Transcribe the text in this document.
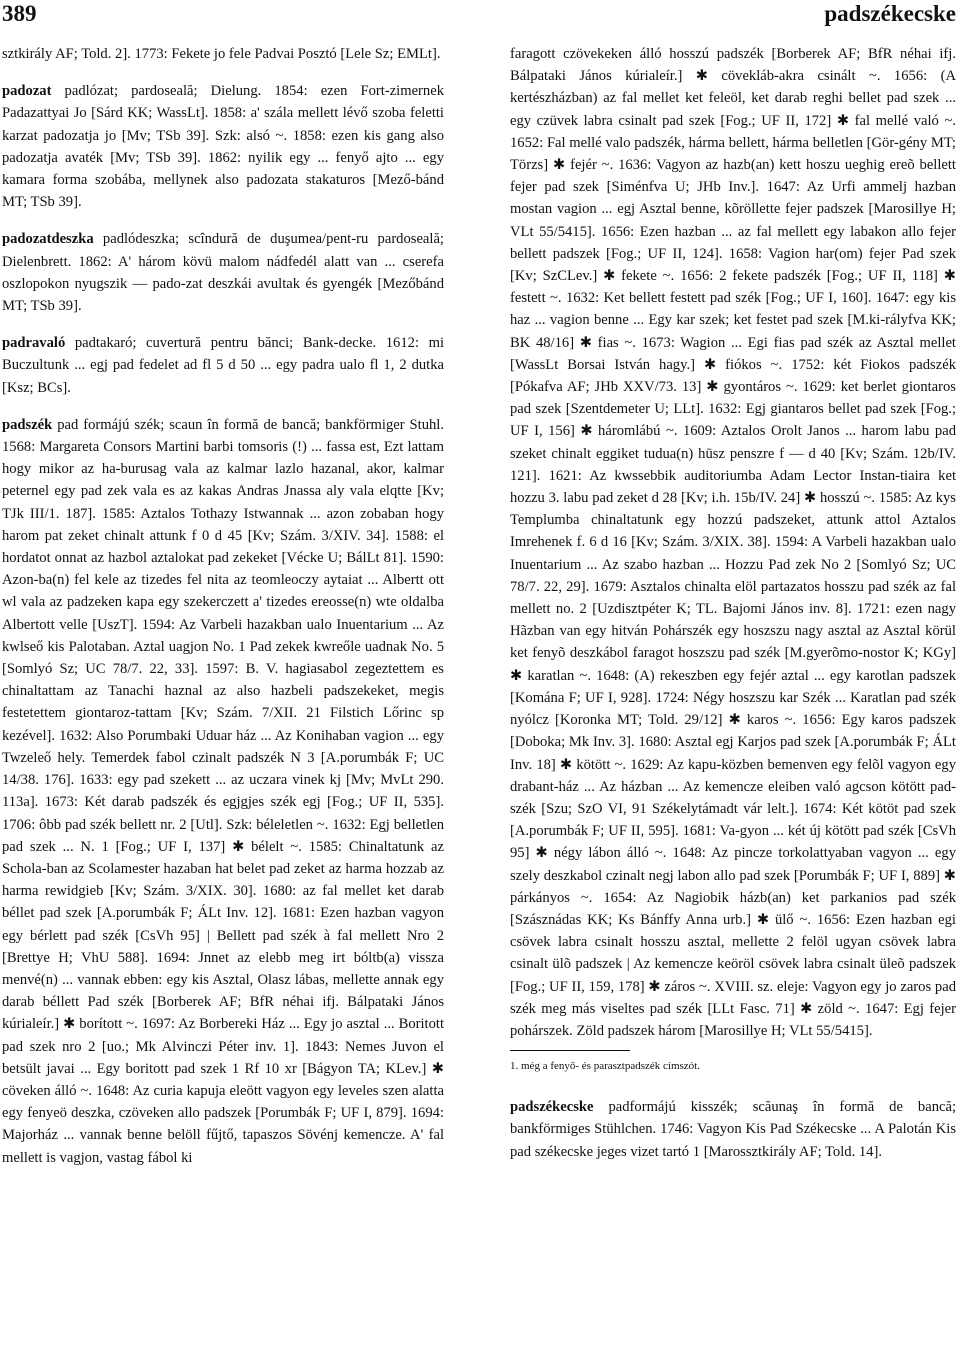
389	padszékecske

sztkirály AF; Told. 2]. 1773: Fekete jo fele Padvai Posztó [Lele Sz; EMLt].

padozat padlózat; pardoseală; Dielung. 1854: ezen Fort-zimernek Padazattyai Jo [Sárd KK; WassLt]. 1858: a' szála mellett lévő szoba feletti karzat padozatja jo [Mv; TSb 39]. Szk: alsó ~. 1858: ezen kis gang also padozatja avaték [Mv; TSb 39]. 1862: nyilik egy ... fenyő ajto ... egy kamara forma szobába, mellynek also padozata stakaturos [Mező-bánd MT; TSb 39].

padozatdeszka padlódeszka; scîndură de duşumea/pent-ru pardoseală; Dielenbrett. 1862: A' három kövü malom nádfedél alatt van ... cserefa oszlopokon nyugszik — pado-zat deszkái avultak és gyengék [Mezőbánd MT; TSb 39].

padravaló padtakaró; cuvertură pentru bănci; Bank-decke. 1612: mi Buczultunk ... egj pad fedelet ad fl 5 d 50 ... egy padra ualo fl 1, 2 dutka [Ksz; BCs].

padszék pad formájú szék; scaun în formă de bancă; bankförmiger Stuhl. 1568: Margareta Consors Martini barbi tomsoris (!) ... fassa est, Ezt lattam hogy mikor az ha-burusag vala az kalmar lazlo hazanal, akor, kalmar peternel egy pad zek vala es az kakas Andras Jnassa aly vala elqtte [Kv; TJk III/1. 187]. 1585: Aztalos Tothazy Istwannak ... azon zobaban hogy harom pat zeket chinalt attunk f 0 d 45 [Kv; Szám. 3/XIV. 34]. 1588: el hordatot onnat az hazbol aztalokat pad zekeket [Vécke U; BálLt 81]. 1590: Azon-ba(n) fel kele az tizedes fel nita az teomleoczy aytaiat ... Albertt ott wl vala az padzeken kapa egy szekerczett a' tizedes ereosse(n) wte oldalba Albertott velle [UszT]. 1594: Az Varbeli hazakban ualo Inuentarium ... Az kwlseő kis Palotaban. Aztal uagjon No. 1 Pad zekek kwreőle uadnak No. 5 [Somlyó Sz; UC 78/7. 22, 33]. 1597: B. V. hagiasabol zegeztettem es chinaltattam az Tanachi haznal az also hazbeli padszekeket, megis festetettem giontaroz-tattam [Kv; Szám. 7/XII. 21 Filstich Lőrinc sp kezével]. 1632: Also Porumbaki Uduar ház ... Az Konihaban vagion ... egy Twzeleő hely. Temerdek fabol czinalt padszék N 3 [A.porumbák F; UC 14/38. 176]. 1633: egy pad szekett ... az uczara vinek kj [Mv; MvLt 290. 113a]. 1673: Két darab padszék és egjgjes szék egj [Fog.; UF II, 535]. 1706: ôbb pad szék bellett nr. 2 [Utl]. Szk: béleletlen ~. 1632: Egj belletlen pad szek ... N. 1 [Fog.; UF I, 137] ✱ bélelt ~. 1585: Chinaltatunk az Schola-ban az Scolamester hazaban hat belet pad zeket az harma hozzab az harma rewidgieb [Kv; Szám. 3/XIX. 30]. 1680: az fal mellet ket darab béllet pad szek [A.porumbák F; ÁLt Inv. 12]. 1681: Ezen hazban vagyon egy bérlett pad szék [CsVh 95] | Bellett pad szék à fal mellett Nro 2 [Brettye H; VhU 588]. 1694: Jnnet az elebb meg irt bóltb(a) vissza menvé(n) ... vannak ebben: egy kis Asztal, Olasz lábas, mellette annak egy darab béllett Pad szék [Borberek AF; BfR néhai ifj. Bálpataki János kúrialeír.] ✱ borított ~. 1697: Az Borbereki Ház ... Egy jo asztal ... Boritott pad szek nro 2 [uo.; Mk Alvinczi Péter inv. 1]. 1843: Nemes Juvon el betsült javai ... Egy boritott pad szek 1 Rf 10 xr [Bágyon TA; KLev.] ✱ cöveken álló ~. 1648: Az curia kapuja eleött vagyon egy leveles szen alatta egy fenyeö deszka, czöveken allo padszek [Porumbák F; UF I, 879]. 1694: Majorház ... vannak benne belöll fűjtő, tapaszos Sövénj kemencze. A' fal mellett is vagjon, vastag fábol ki

faragott czövekeken álló hosszú padszék [Borberek AF; BfR néhai ifj. Bálpataki János kúrialeír.] ✱ cövekláb-akra csinált ~. 1656: (A kertészházban) az fal mellet ket feleöl, ket darab reghi bellet pad szek ... egy czüvek labra csinalt pad szek [Fog.; UF II, 172] ✱ fal mellé való ~. 1652: Fal mellé valo padszék, hárma bellett, hárma belletlen [Gör-gény MT; Törzs] ✱ fejér ~. 1636: Vagyon az hazb(an) kett hoszu ueghig ereõ bellett fejer pad szek [Siménfva U; JHb Inv.]. 1647: Az Urfi ammelj hazban mostan vagion ... egj Asztal benne, kõröllette fejer padszek [Marosillye H; VLt 55/5415]. 1656: Ezen hazban ... az fal mellett egy labakon allo fejer bellett padszek [Fog.; UF II, 124]. 1658: Vagion har(om) fejer Pad szek [Kv; SzCLev.] ✱ fekete ~. 1656: 2 fekete padszék [Fog.; UF II, 118] ✱ festett ~. 1632: Ket bellett festett pad szék [Fog.; UF I, 160]. 1647: egy kis haz ... vagion benne ... Egy kar szek; ket festet pad szek [M.ki-rályfva KK; BK 48/16] ✱ fias ~. 1673: Wagion ... Egi fias pad szék az Asztal mellet [WassLt Borsai István hagy.] ✱ fiókos ~. 1752: két Fiokos padszék [Pókafva AF; JHb XXV/73. 13] ✱ gyontáros ~. 1629: ket berlet giontaros pad szek [Szentdemeter U; LLt]. 1632: Egj giantaros bellet pad szek [Fog.; UF I, 156] ✱ háromlábú ~. 1609: Aztalos Orolt Janos ... harom labu pad szeket chinalt eggiket tudua(n) hūsz penszre f — d 40 [Kv; Szám. 12b/IV. 121]. 1621: Az kwssebbik auditoriumba Adam Lector Instan-tiaira ket hozzu 3. labu pad zeket d 28 [Kv; i.h. 15b/IV. 24] ✱ hosszú ~. 1585: Az kys Templumba chinaltatunk egy hozzú padszeket, attunk attol Aztalos Imrehenek f. 6 d 16 [Kv; Szám. 3/XIX. 38]. 1594: A Varbeli hazakban ualo Inuentarium ... Az szabo hazban ... Hozzu Pad zek No 2 [Somlyó Sz; UC 78/7. 22, 29]. 1679: Asztalos chinalta elöl partazatos hosszu pad szék az fal mellett no. 2 [Uzdisztpéter K; TL. Bajomi János inv. 8]. 1721: ezen nagy Hãzban van egy hitván Pohárszék egy hoszszu nagy asztal az Asztal körül ket fenyõ deszkábol faragot hoszszu pad szék [M.gyerõmo-nostor K; KGy] ✱ karatlan ~. 1648: (A) rekeszben egy fejér aztal ... egy karotlan padszek [Komána F; UF I, 928]. 1724: Négy hoszszu kar Szék ... Karatlan pad szék nyólcz [Koronka MT; Told. 29/12] ✱ karos ~. 1656: Egy karos padszek [Doboka; Mk Inv. 3]. 1680: Asztal egj Karjos pad szek [A.porumbák F; ÁLt Inv. 18] ✱ kötött ~. 1629: Az kapu-közben bemenven egy felõl vagyon egy drabant-ház ... Az házban ... Az kemencze eleiben való agcson kötött pad-szék [Szu; SzO VI, 91 Székelytámadt vár lelt.]. 1674: Két kötöt pad szek [A.porumbák F; UF II, 595]. 1681: Va-gyon ... két új kötött pad szék [CsVh 95] ✱ négy lábon álló ~. 1648: Az pincze torkolattyaban vagyon ... egy szely deszkabol czinalt negj labon allo pad szek [Porumbák F; UF I, 889] ✱ párkányos ~. 1654: Az Nagiobik házb(an) ket parkanios pad szék [Szásznádas KK; Ks Bánffy Anna urb.] ✱ ülő ~. 1656: Ezen hazban egi csövek labra csinalt hosszu asztal, mellette 2 felöl ugyan csövek labra csinalt ülõ padszek | Az kemencze keöröl csövek labra csinalt üleõ padszek [Fog.; UF II, 159, 178] ✱ záros ~. XVIII. sz. eleje: Vagyon egy jo zaros pad szék meg más viseltes pad szék [LLt Fasc. 71] ✱ zöld ~. 1647: Egj fejer pohárszek. Zöld padszek három [Marosillye H; VLt 55/5415].

1. még a fenyő- és parasztpadszék címszót.

padszékecske padformájú kisszék; scăunaş în formă de bancă; bankförmiges Stühlchen. 1746: Vagyon Kis Pad Székecske ... A Palotán Kis pad székecske jeges vizet tartó 1 [Marossztkirály AF; Told. 14].
